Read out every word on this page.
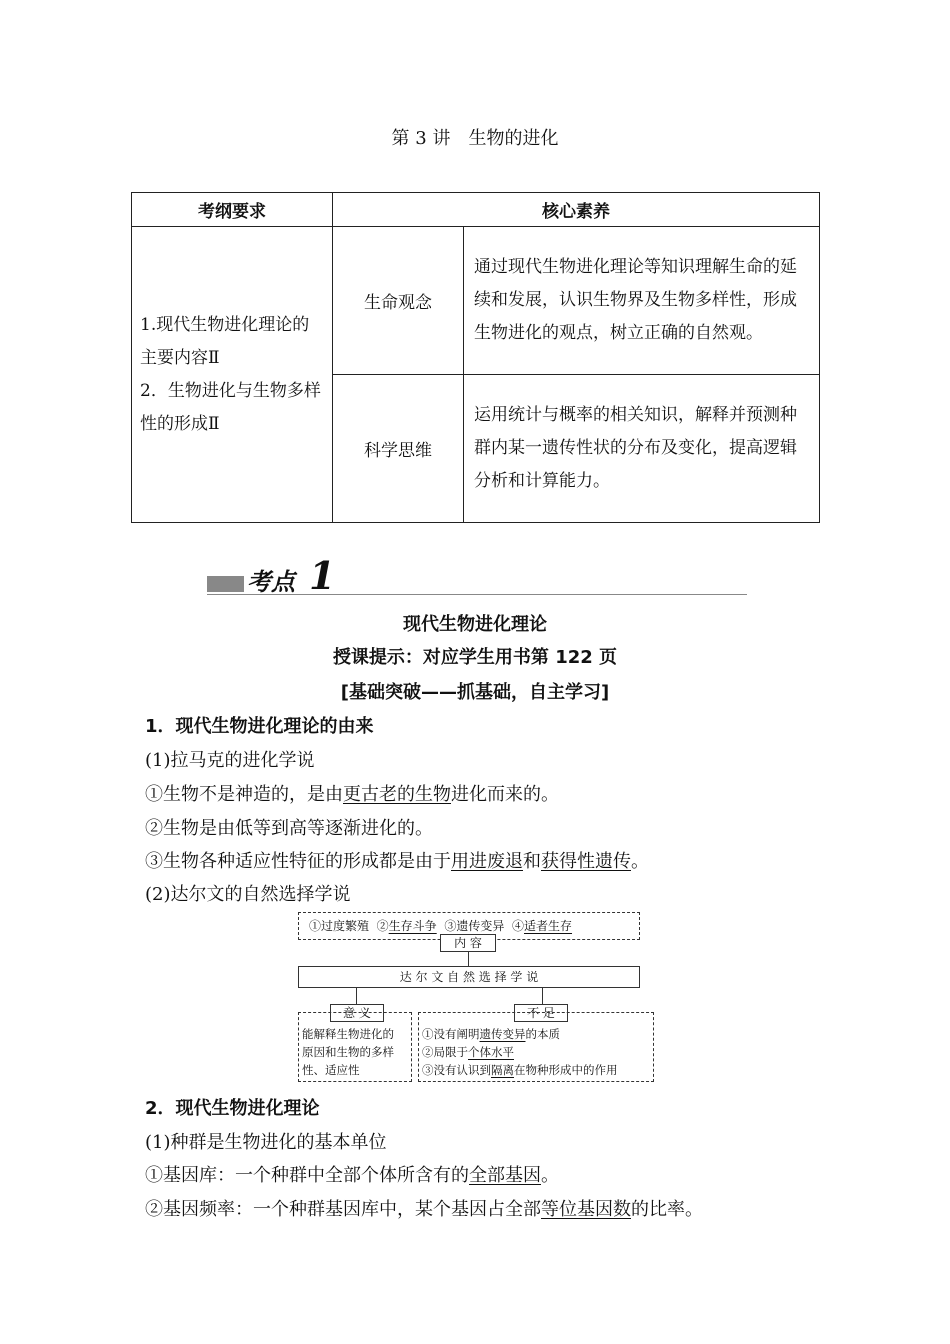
第 3 讲　生物的进化
考纲要求	核心素养	

1.现代生物进化理论的主要内容Ⅱ
2．生物进化与生物多样性的形成Ⅱ	生命观念	通过现代生物进化理论等知识理解生命的延续和发展，认识生物界及生物多样性，形成生物进化的观点，树立正确的自然观。
	科学思维	运用统计与概率的相关知识，解释并预测种群内某一遗传性状的分布及变化，提高逻辑分析和计算能力。
考点 1
现代生物进化理论
授课提示：对应学生用书第 122 页
[基础突破——抓基础，自主学习]
1．现代生物进化理论的由来
(1)拉马克的进化学说
①生物不是神造的，是由更古老的生物进化而来的。
②生物是由低等到高等逐渐进化的。
③生物各种适应性特征的形成都是由于用进废退和获得性遗传。
(2)达尔文的自然选择学说
①过度繁殖 ②生存斗争 ③遗传变异 ④适者生存
内 容
达 尔 文 自 然 选 择 学 说
意 义	不 足
能解释生物进化的
原因和生物的多样
性、适应性
①没有阐明遗传变异的本质
②局限于个体水平
③没有认识到隔离在物种形成中的作用
2．现代生物进化理论
(1)种群是生物进化的基本单位
①基因库：一个种群中全部个体所含有的全部基因。
②基因频率：一个种群基因库中，某个基因占全部等位基因数的比率。
